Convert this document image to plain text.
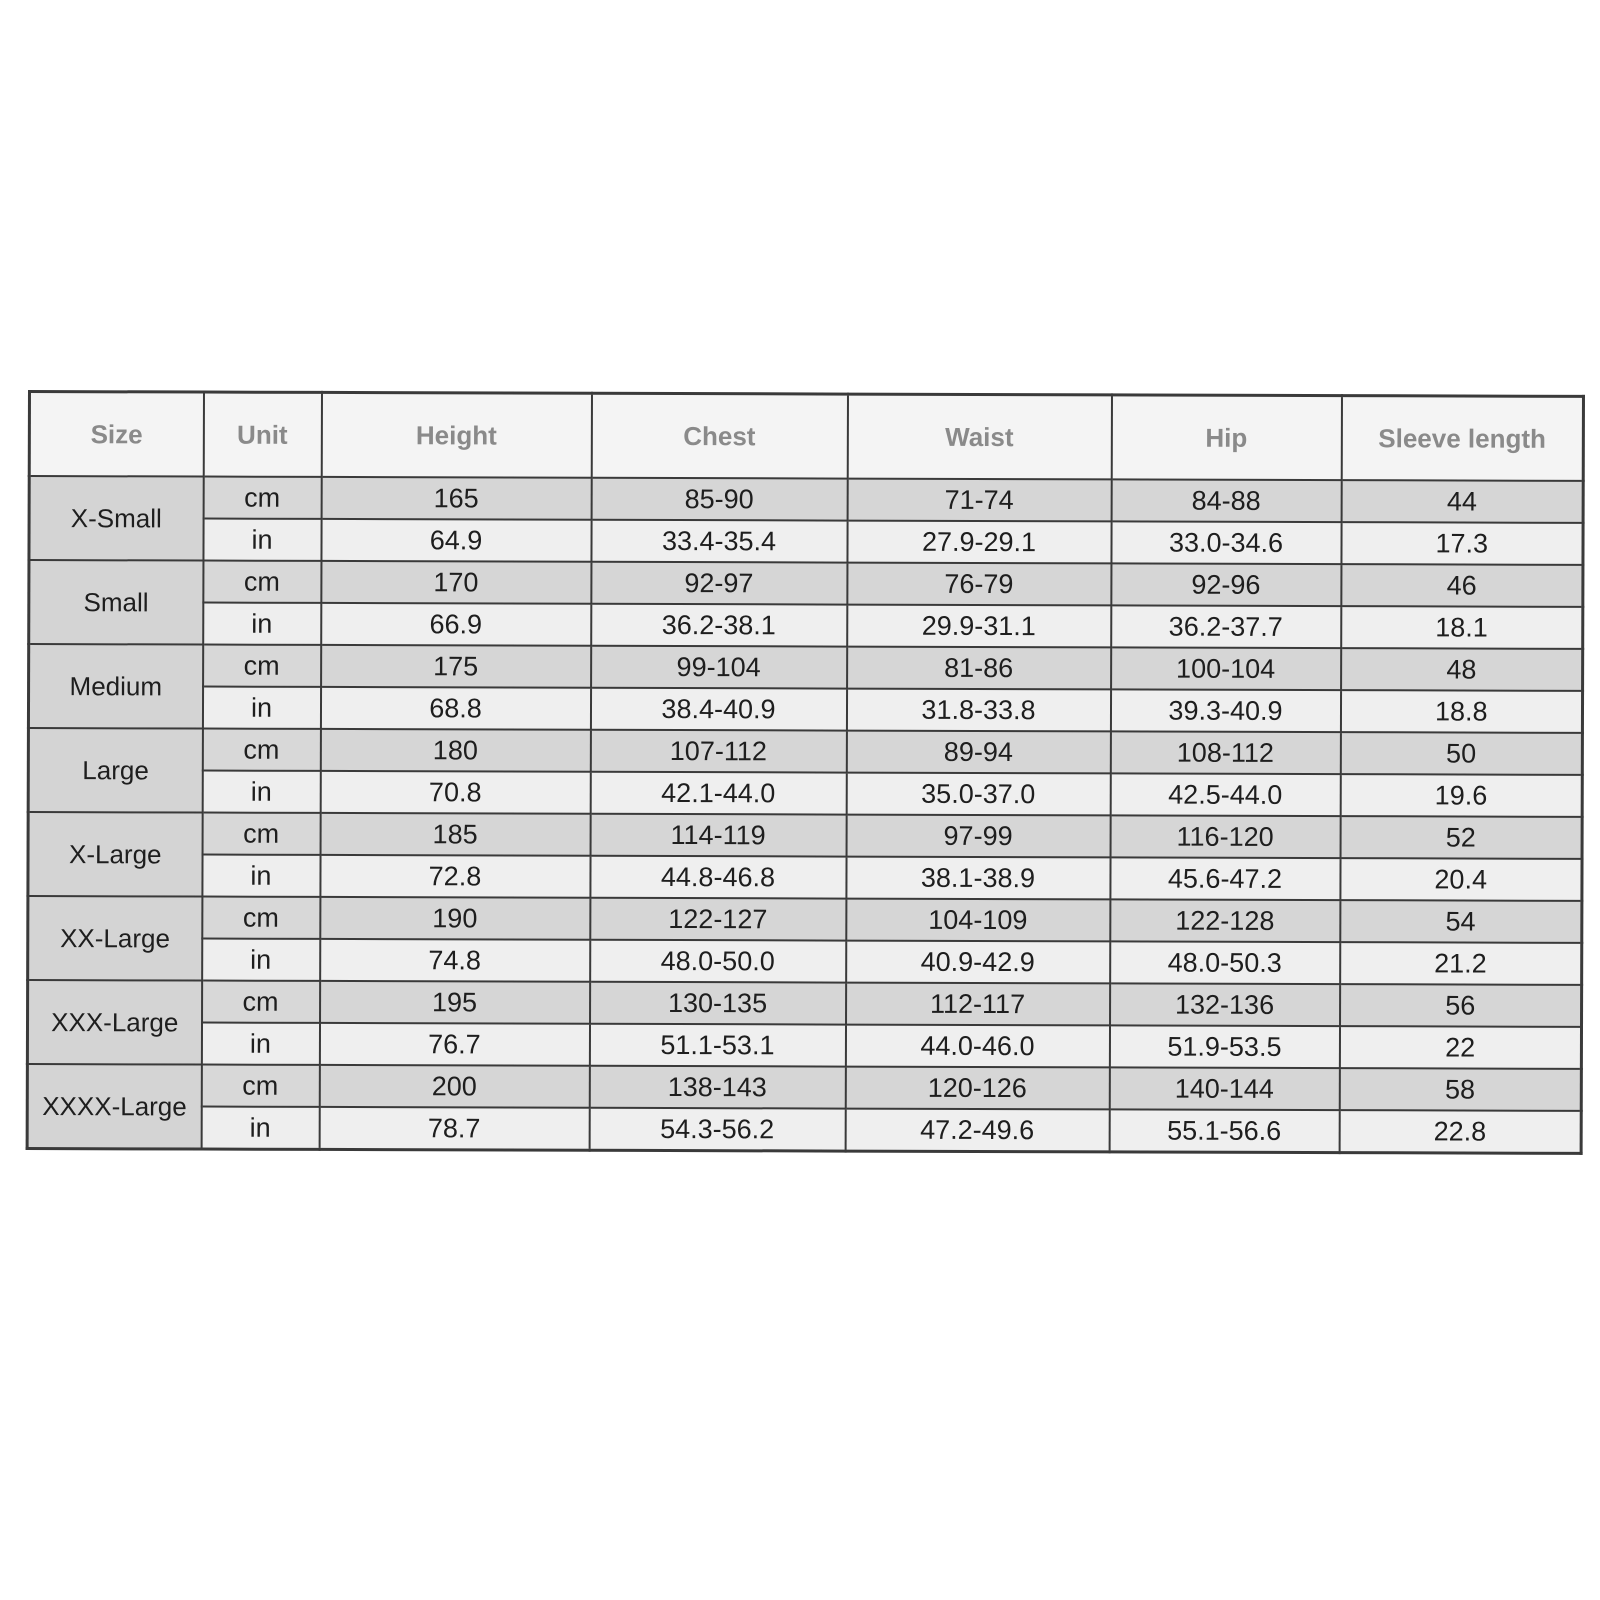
Size	Unit	Height	Chest	Waist	Hip	Sleeve length
X-Small	cm	165	85-90	71-74	84-88	44
	in	64.9	33.4-35.4	27.9-29.1	33.0-34.6	17.3
Small	cm	170	92-97	76-79	92-96	46
	in	66.9	36.2-38.1	29.9-31.1	36.2-37.7	18.1
Medium	cm	175	99-104	81-86	100-104	48
	in	68.8	38.4-40.9	31.8-33.8	39.3-40.9	18.8
Large	cm	180	107-112	89-94	108-112	50
	in	70.8	42.1-44.0	35.0-37.0	42.5-44.0	19.6
X-Large	cm	185	114-119	97-99	116-120	52
	in	72.8	44.8-46.8	38.1-38.9	45.6-47.2	20.4
XX-Large	cm	190	122-127	104-109	122-128	54
	in	74.8	48.0-50.0	40.9-42.9	48.0-50.3	21.2
XXX-Large	cm	195	130-135	112-117	132-136	56
	in	76.7	51.1-53.1	44.0-46.0	51.9-53.5	22
XXXX-Large	cm	200	138-143	120-126	140-144	58
	in	78.7	54.3-56.2	47.2-49.6	55.1-56.6	22.8
